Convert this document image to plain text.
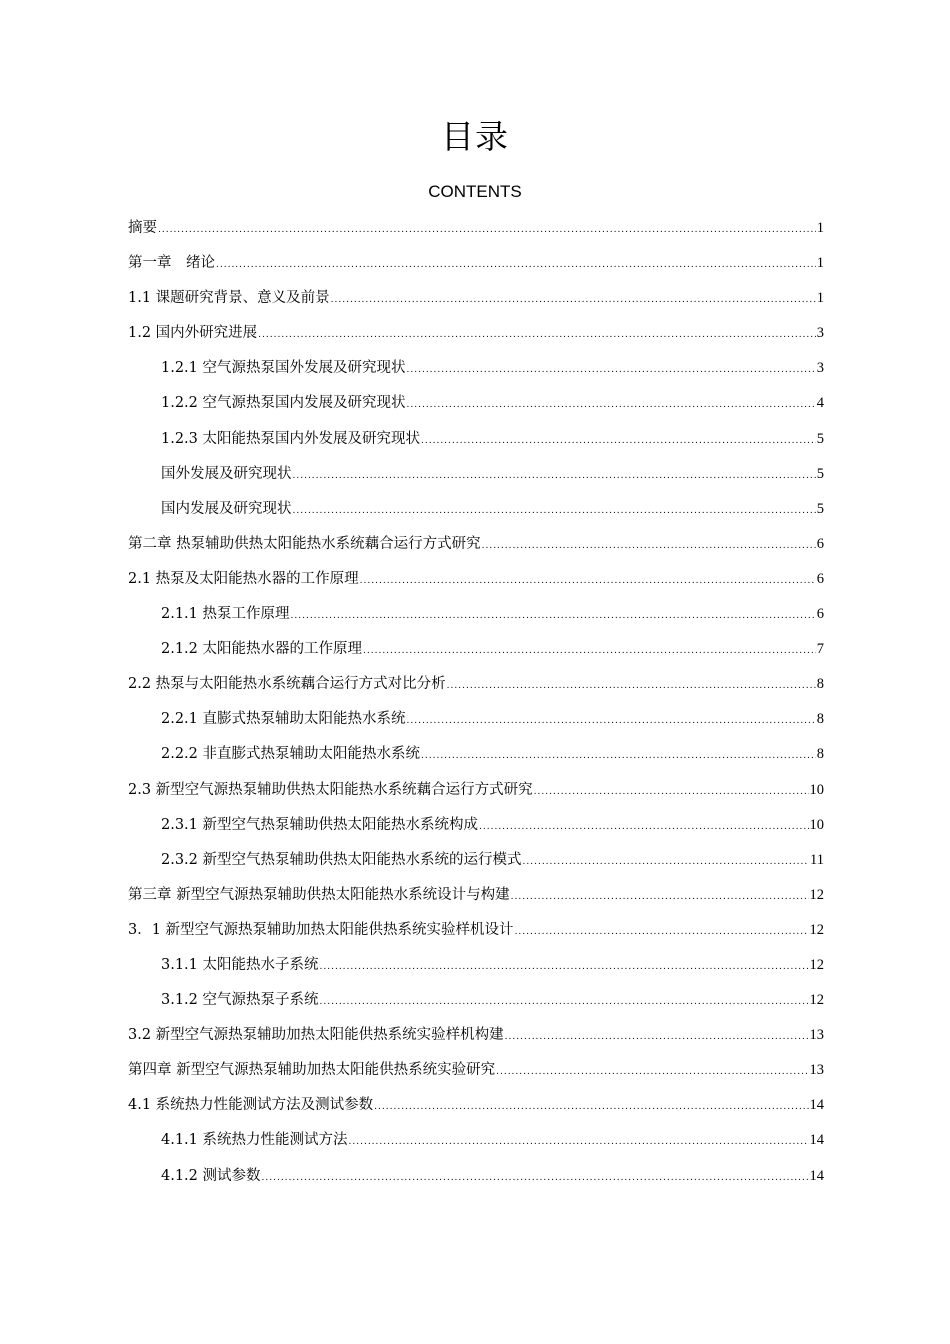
目录
CONTENTS
摘要 .....	1
第一章　绪论 .....	1
1.1 课题研究背景、意义及前景 .....	1
1.2 国内外研究进展 .....	3
1.2.1 空气源热泵国外发展及研究现状 .....	3
1.2.2 空气源热泵国内发展及研究现状 .....	4
1.2.3 太阳能热泵国内外发展及研究现状 .....	5
国外发展及研究现状 .....	5
国内发展及研究现状 .....	5
第二章 热泵辅助供热太阳能热水系统藕合运行方式研究 .....	6
2.1 热泵及太阳能热水器的工作原理 .....	6
2.1.1 热泵工作原理 .....	6
2.1.2 太阳能热水器的工作原理 .....	7
2.2 热泵与太阳能热水系统藕合运行方式对比分析 .....	8
2.2.1 直膨式热泵辅助太阳能热水系统 .....	8
2.2.2 非直膨式热泵辅助太阳能热水系统 .....	8
2.3 新型空气源热泵辅助供热太阳能热水系统藕合运行方式研究 .....	10
2.3.1 新型空气热泵辅助供热太阳能热水系统构成 .....	10
2.3.2 新型空气热泵辅助供热太阳能热水系统的运行模式 .....	11
第三章 新型空气源热泵辅助供热太阳能热水系统设计与构建 .....	12
3．1 新型空气源热泵辅助加热太阳能供热系统实验样机设计 .....	12
3.1.1 太阳能热水子系统 .....	12
3.1.2 空气源热泵子系统 .....	12
3.2 新型空气源热泵辅助加热太阳能供热系统实验样机构建 .....	13
第四章 新型空气源热泵辅助加热太阳能供热系统实验研究 .....	13
4.1 系统热力性能测试方法及测试参数 .....	14
4.1.1 系统热力性能测试方法 .....	14
4.1.2 测试参数 .....	14
